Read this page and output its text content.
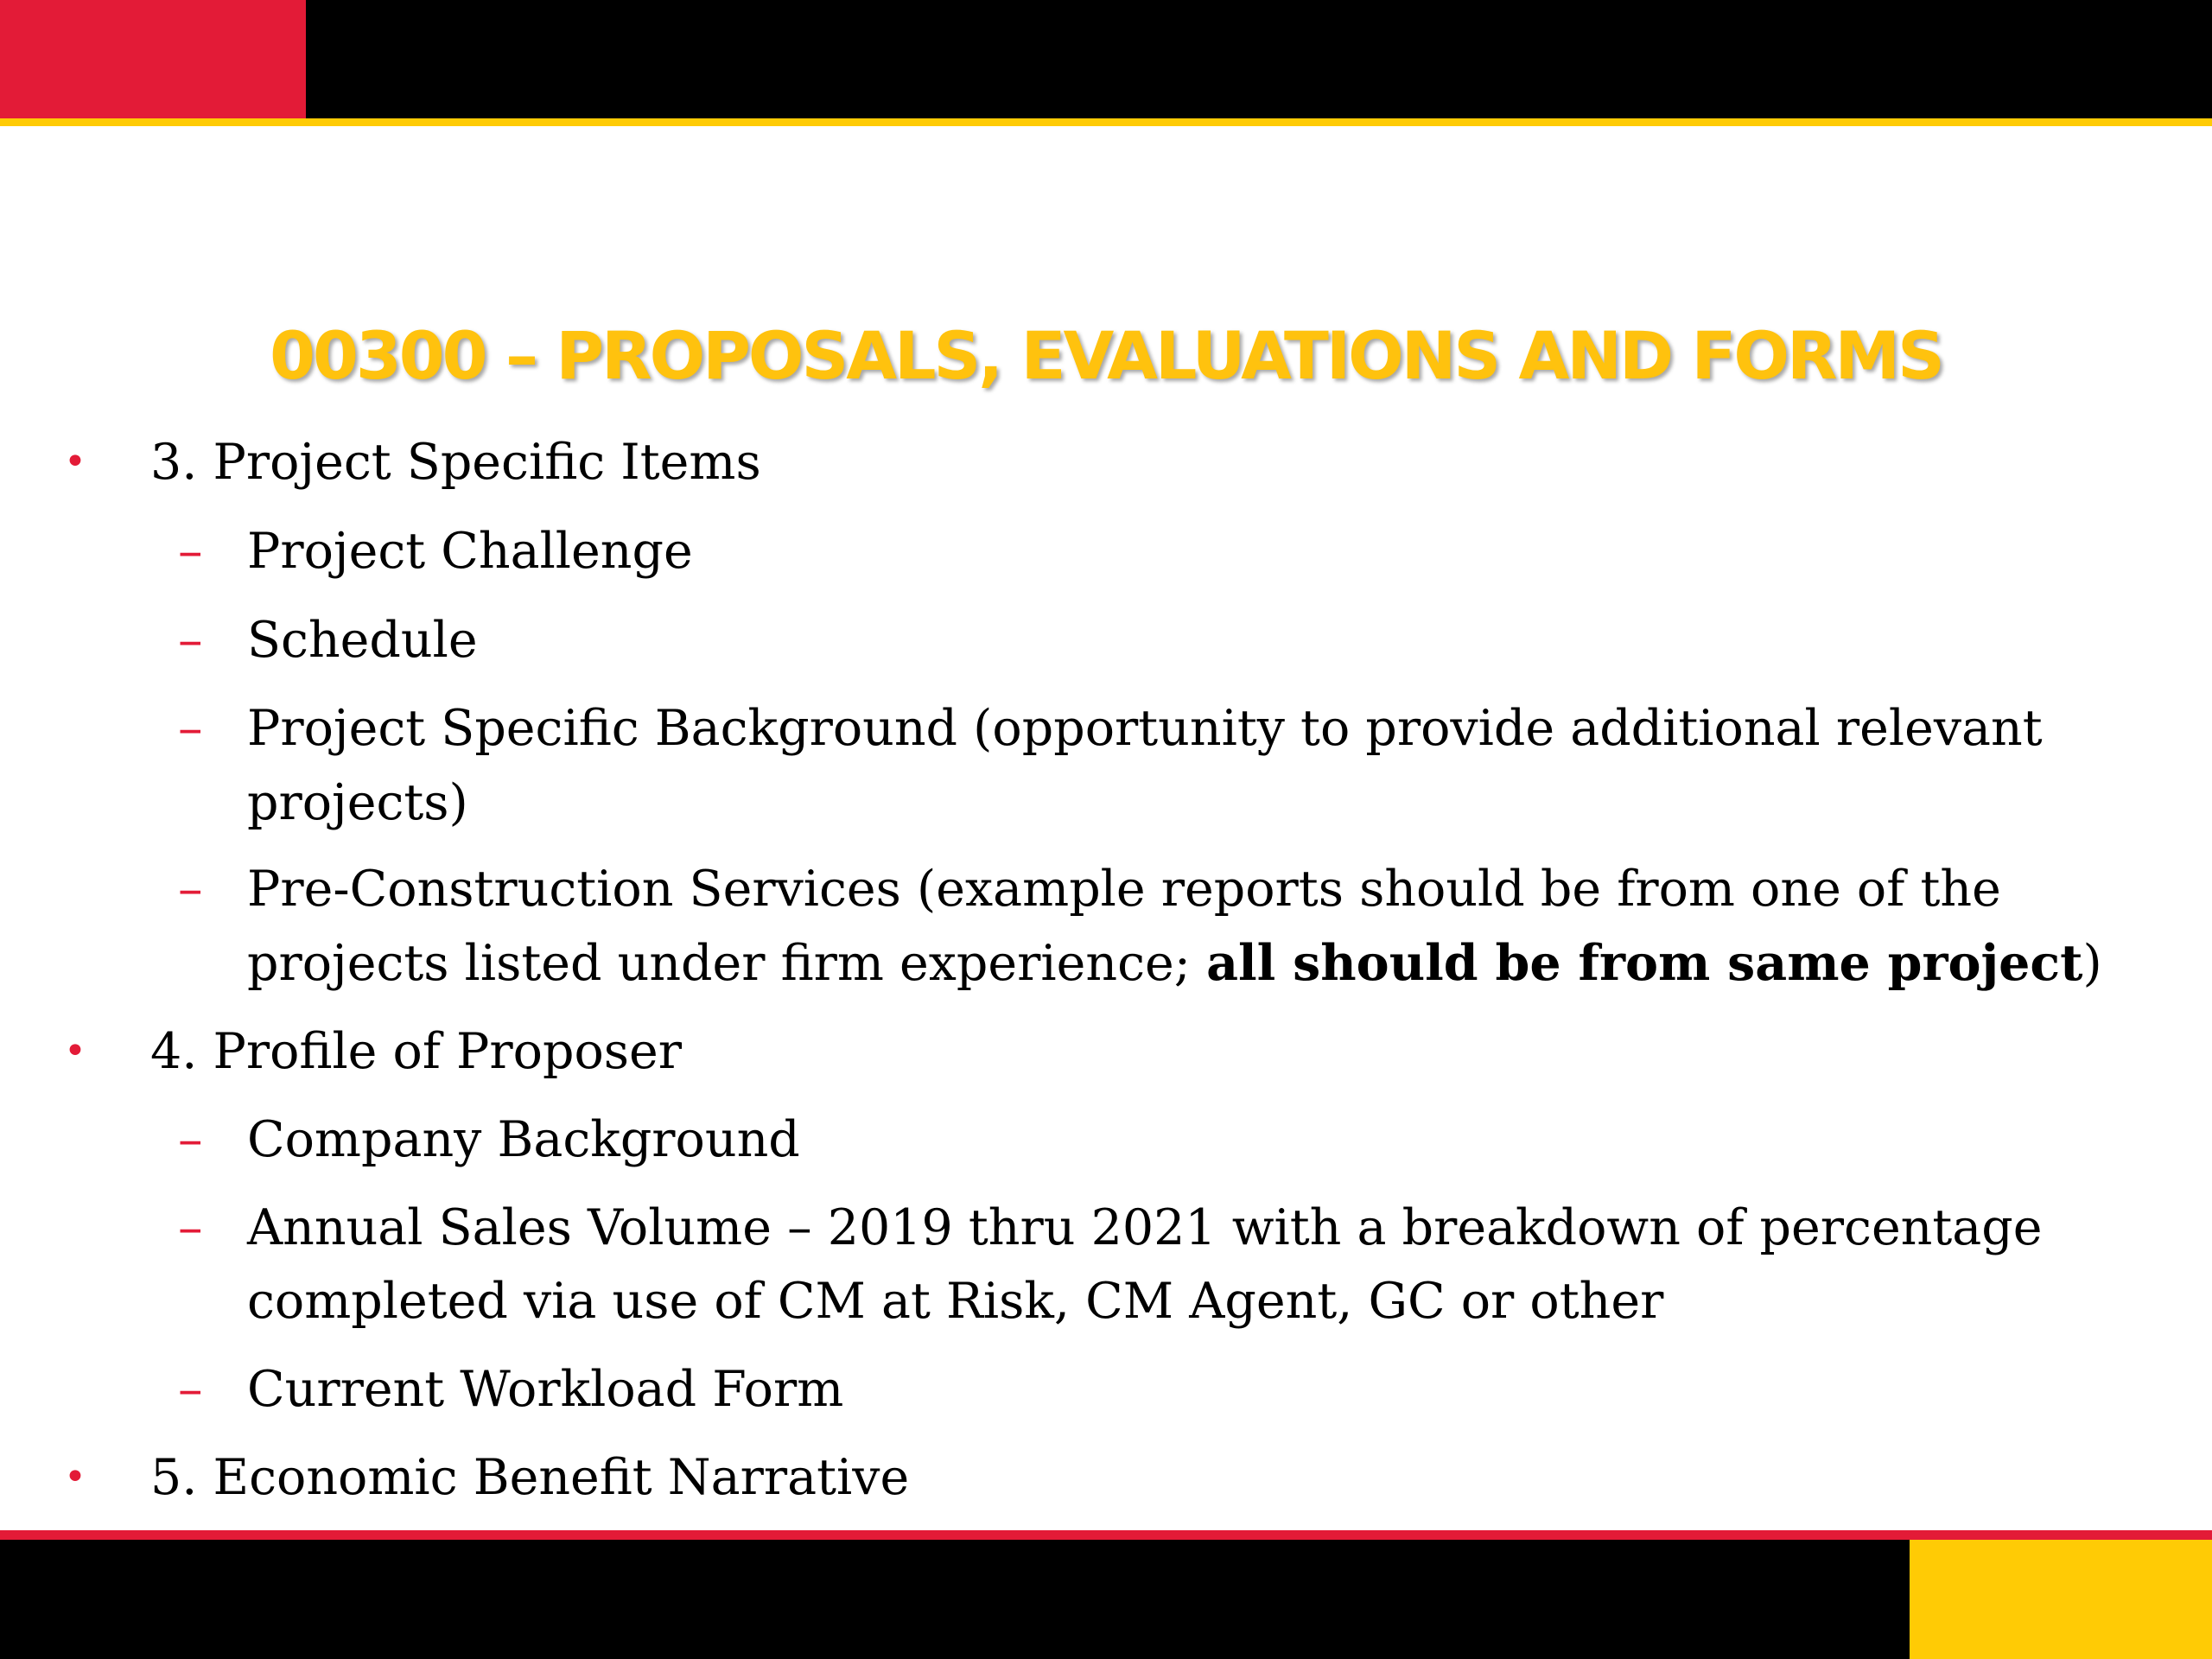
00300 – PROPOSALS, EVALUATIONS AND FORMS
• 3. Project Specific Items
– Project Challenge
– Schedule
– Project Specific Background (opportunity to provide additional relevant
projects)
– Pre-Construction Services (example reports should be from one of the
projects listed under firm experience; all should be from same project)
• 4. Profile of Proposer
– Company Background
– Annual Sales Volume – 2019 thru 2021 with a breakdown of percentage
completed via use of CM at Risk, CM Agent, GC or other
– Current Workload Form
• 5. Economic Benefit Narrative
